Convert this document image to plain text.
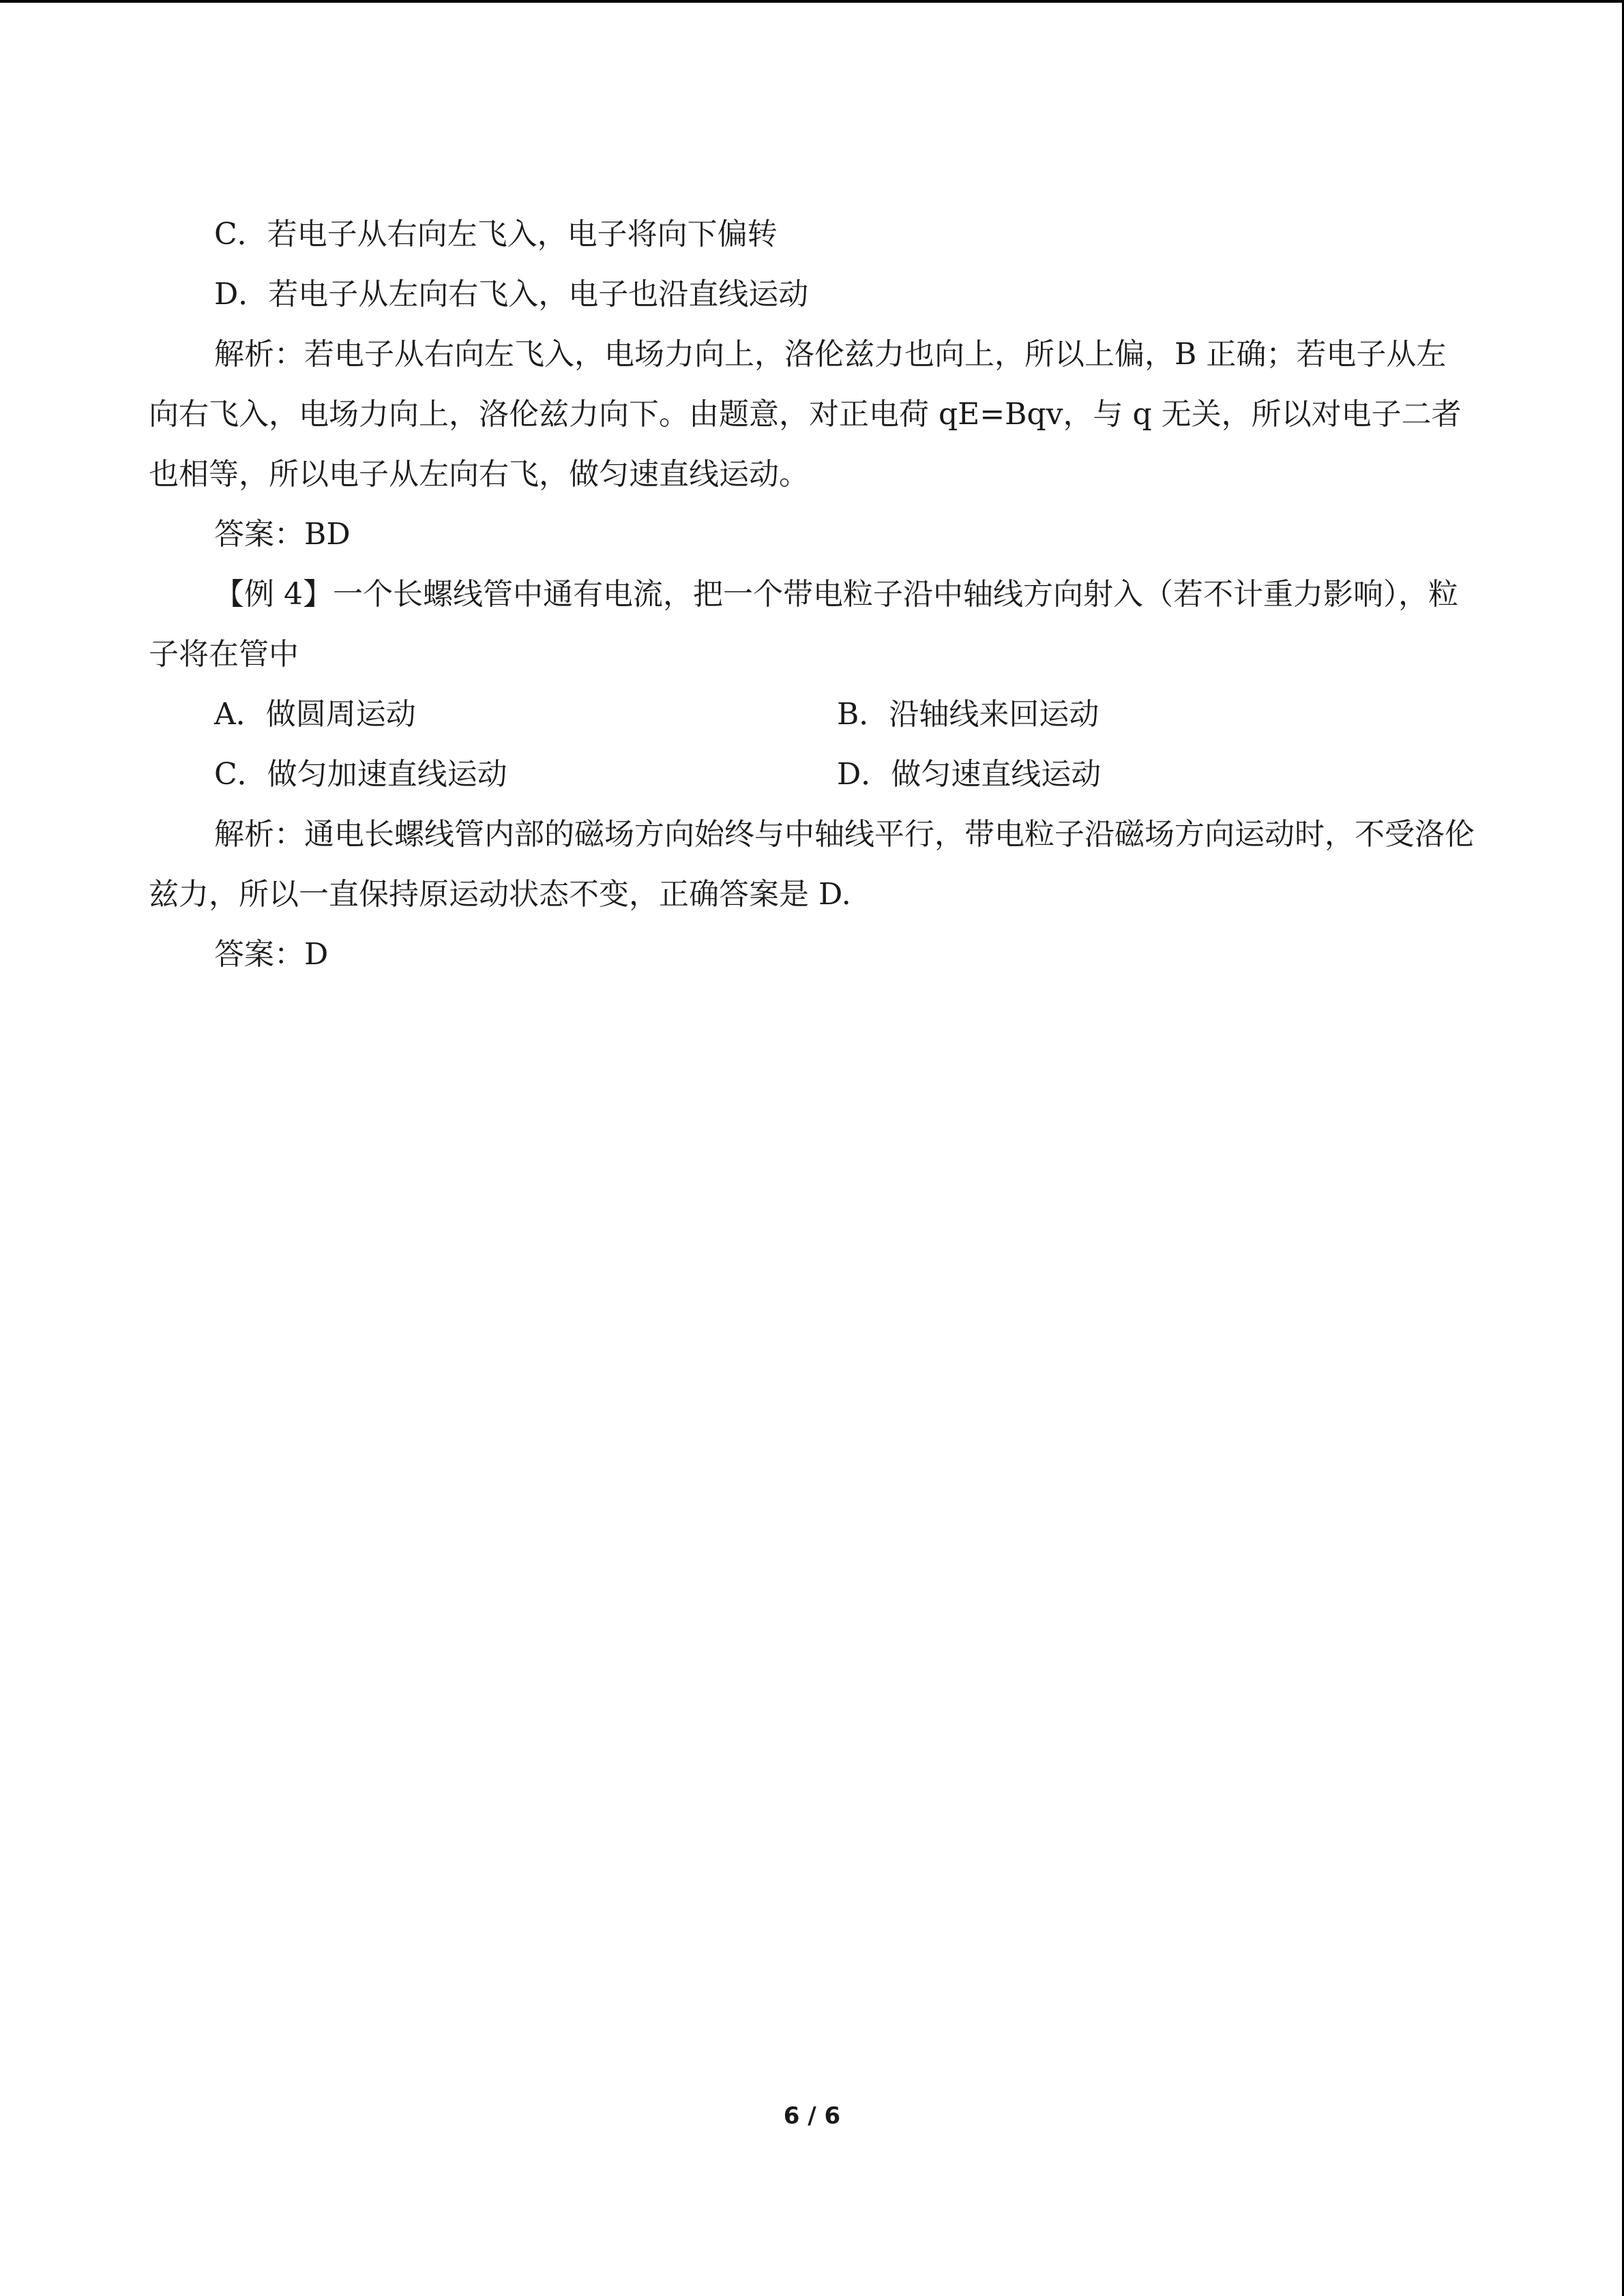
C．若电子从右向左飞入，电子将向下偏转

D．若电子从左向右飞入，电子也沿直线运动

解析：若电子从右向左飞入，电场力向上，洛伦兹力也向上，所以上偏，B 正确；若电子从左向右飞入，电场力向上，洛伦兹力向下。由题意，对正电荷 qE=Bqv，与 q 无关，所以对电子二者也相等，所以电子从左向右飞，做匀速直线运动。

答案：BD

【例 4】一个长螺线管中通有电流，把一个带电粒子沿中轴线方向射入（若不计重力影响），粒子将在管中

A．做圆周运动	B．沿轴线来回运动
C．做匀加速直线运动	D．做匀速直线运动

解析：通电长螺线管内部的磁场方向始终与中轴线平行，带电粒子沿磁场方向运动时，不受洛伦兹力，所以一直保持原运动状态不变，正确答案是 D.

答案：D

6 / 6
